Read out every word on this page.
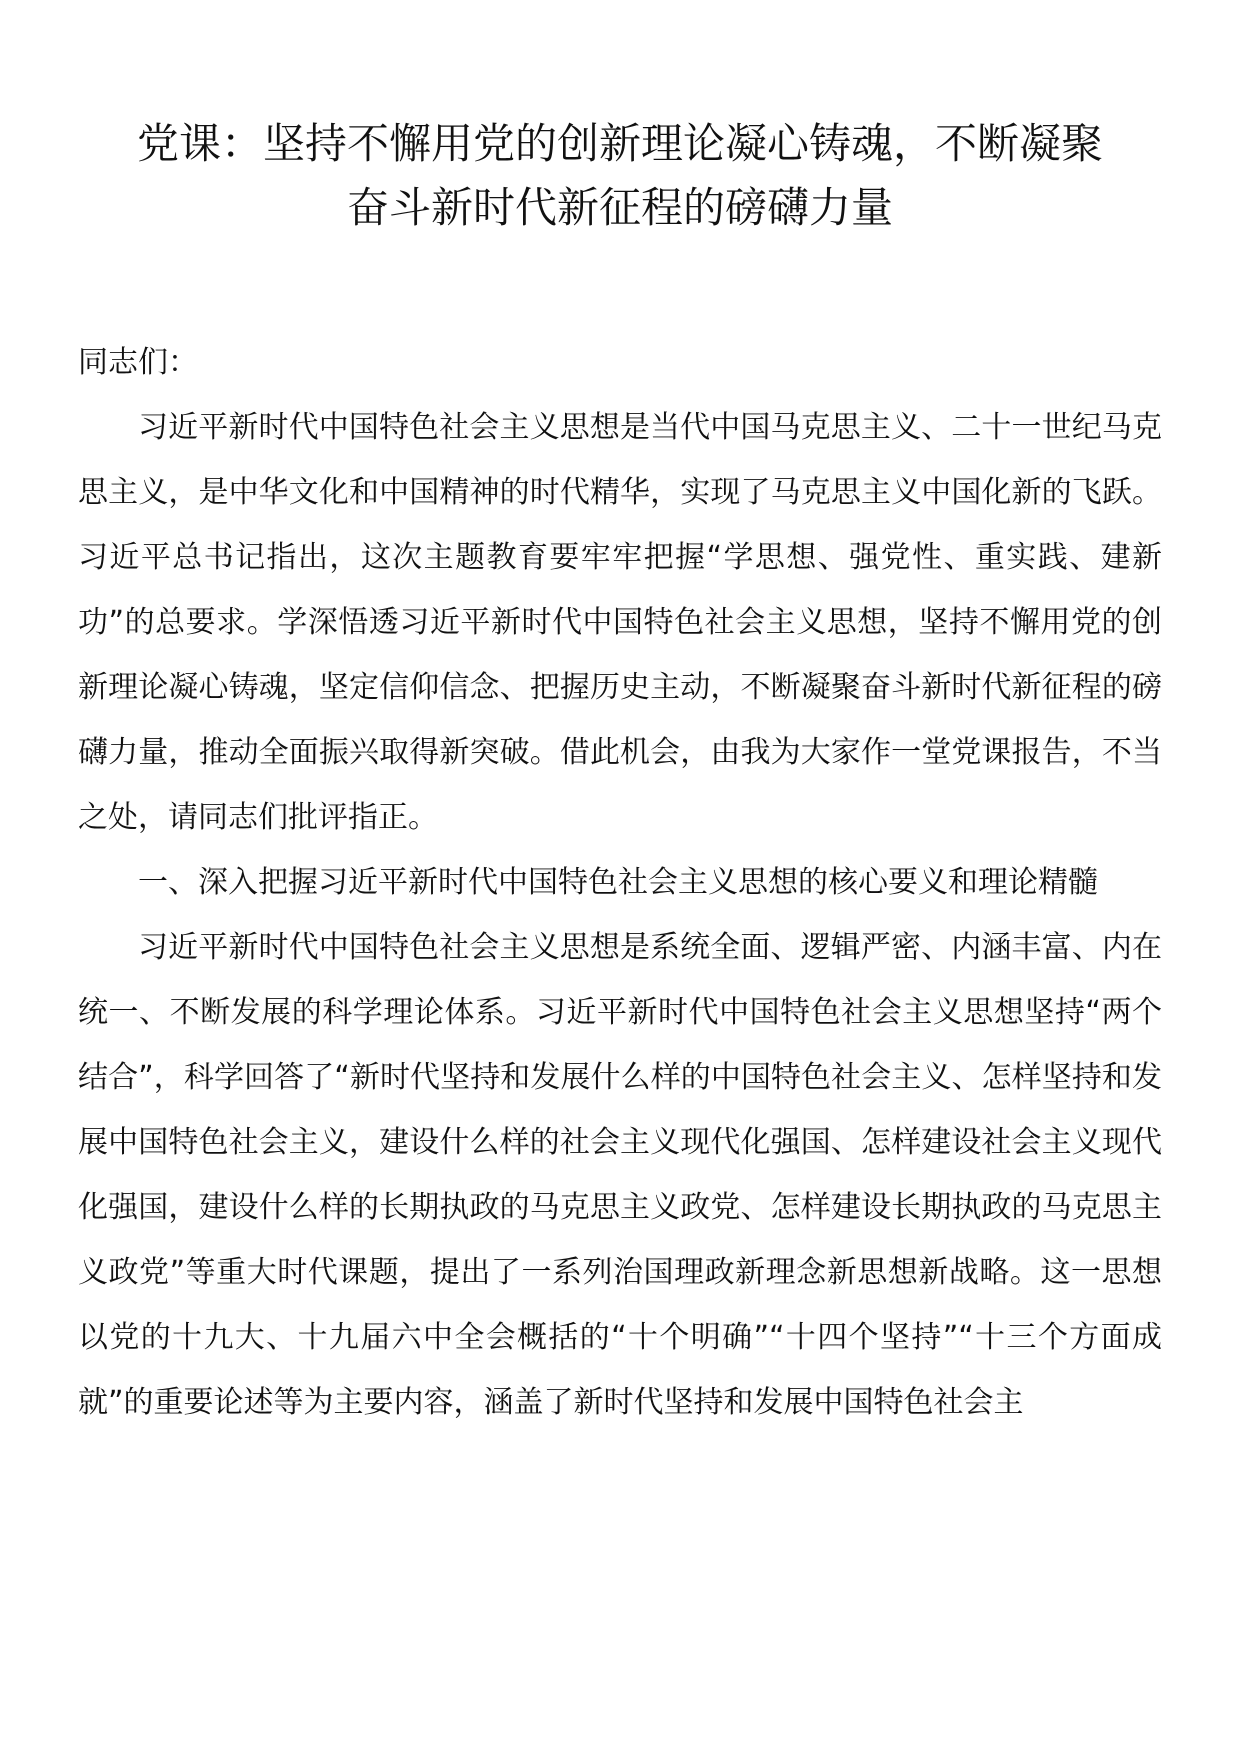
党课：坚持不懈用党的创新理论凝心铸魂，不断凝聚
奋斗新时代新征程的磅礴力量

同志们：

习近平新时代中国特色社会主义思想是当代中国马克思主义、二十一世纪马克思主义，是中华文化和中国精神的时代精华，实现了马克思主义中国化新的飞跃。习近平总书记指出，这次主题教育要牢牢把握“学思想、强党性、重实践、建新功”的总要求。学深悟透习近平新时代中国特色社会主义思想，坚持不懈用党的创新理论凝心铸魂，坚定信仰信念、把握历史主动，不断凝聚奋斗新时代新征程的磅礴力量，推动全面振兴取得新突破。借此机会，由我为大家作一堂党课报告，不当之处，请同志们批评指正。

一、深入把握习近平新时代中国特色社会主义思想的核心要义和理论精髓

习近平新时代中国特色社会主义思想是系统全面、逻辑严密、内涵丰富、内在统一、不断发展的科学理论体系。习近平新时代中国特色社会主义思想坚持“两个结合”，科学回答了“新时代坚持和发展什么样的中国特色社会主义、怎样坚持和发展中国特色社会主义，建设什么样的社会主义现代化强国、怎样建设社会主义现代化强国，建设什么样的长期执政的马克思主义政党、怎样建设长期执政的马克思主义政党”等重大时代课题，提出了一系列治国理政新理念新思想新战略。这一思想以党的十九大、十九届六中全会概括的“十个明确”“十四个坚持”“十三个方面成就”的重要论述等为主要内容，涵盖了新时代坚持和发展中国特色社会主
